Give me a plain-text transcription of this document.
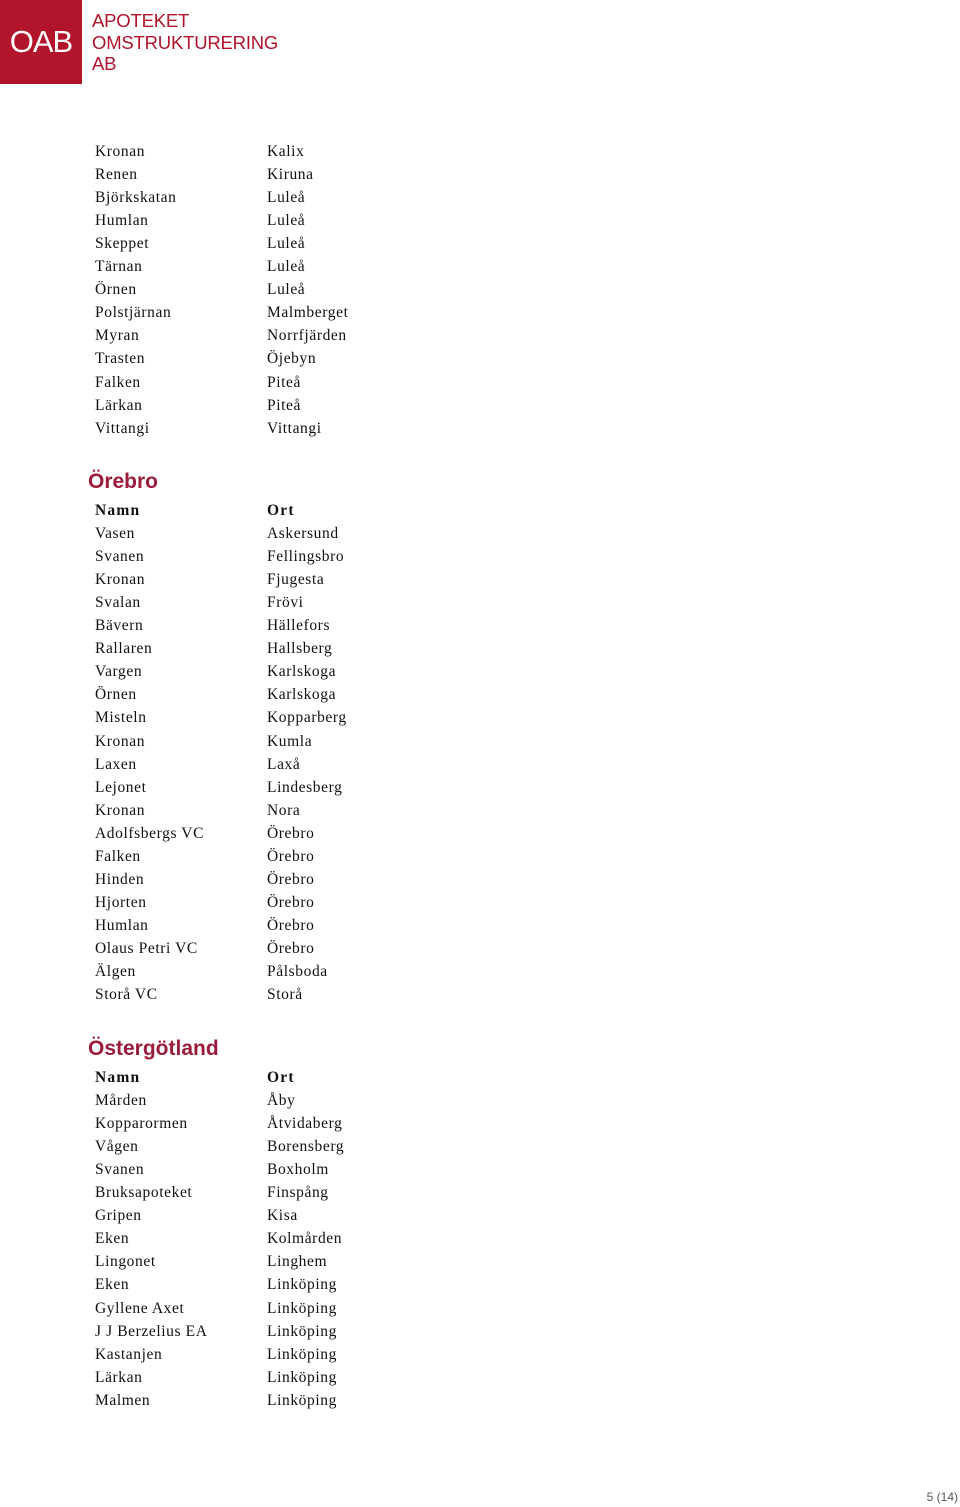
OAB
APOTEKET
OMSTRUKTURERING
AB
Kronan	Kalix
Renen	Kiruna
Björkskatan	Luleå
Humlan	Luleå
Skeppet	Luleå
Tärnan	Luleå
Örnen	Luleå
Polstjärnan	Malmberget
Myran	Norrfjärden
Trasten	Öjebyn
Falken	Piteå
Lärkan	Piteå
Vittangi	Vittangi
Örebro
Namn	Ort
Vasen	Askersund
Svanen	Fellingsbro
Kronan	Fjugesta
Svalan	Frövi
Bävern	Hällefors
Rallaren	Hallsberg
Vargen	Karlskoga
Örnen	Karlskoga
Misteln	Kopparberg
Kronan	Kumla
Laxen	Laxå
Lejonet	Lindesberg
Kronan	Nora
Adolfsbergs VC	Örebro
Falken	Örebro
Hinden	Örebro
Hjorten	Örebro
Humlan	Örebro
Olaus Petri VC	Örebro
Älgen	Pålsboda
Storå VC	Storå
Östergötland
Namn	Ort
Mården	Åby
Kopparormen	Åtvidaberg
Vågen	Borensberg
Svanen	Boxholm
Bruksapoteket	Finspång
Gripen	Kisa
Eken	Kolmården
Lingonet	Linghem
Eken	Linköping
Gyllene Axet	Linköping
J J Berzelius EA	Linköping
Kastanjen	Linköping
Lärkan	Linköping
Malmen	Linköping
5 (14)
